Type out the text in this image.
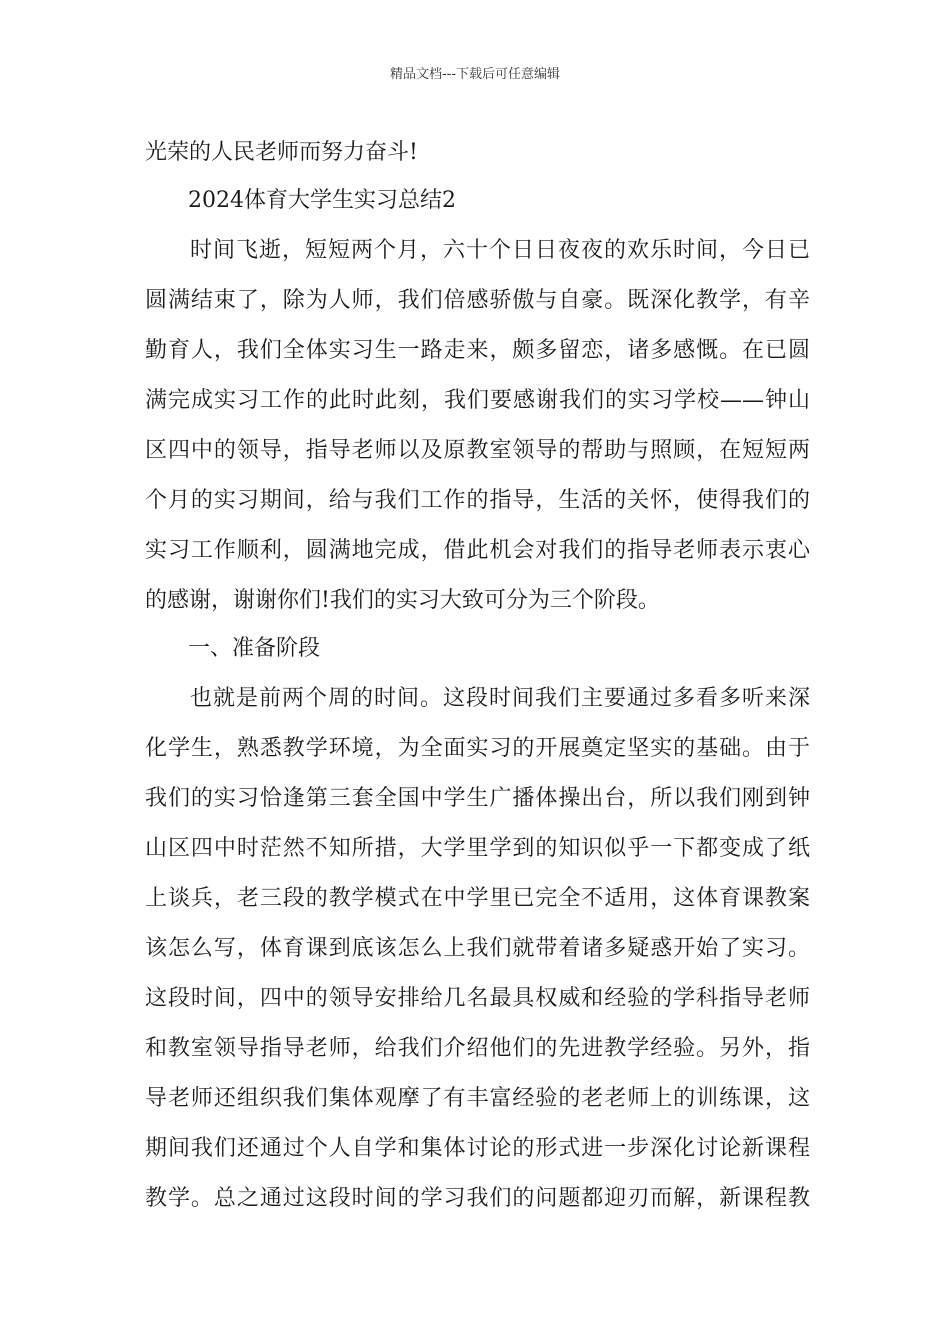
精品文档---下载后可任意编辑
光荣的人民老师而努力奋斗!
2024体育大学生实习总结2
时间飞逝，短短两个月，六十个日日夜夜的欢乐时间，今日已
圆满结束了，除为人师，我们倍感骄傲与自豪。既深化教学，有辛
勤育人，我们全体实习生一路走来，颇多留恋，诸多感慨。在已圆
满完成实习工作的此时此刻，我们要感谢我们的实习学校——钟山
区四中的领导，指导老师以及原教室领导的帮助与照顾，在短短两
个月的实习期间，给与我们工作的指导，生活的关怀，使得我们的
实习工作顺利，圆满地完成，借此机会对我们的指导老师表示衷心
的感谢，谢谢你们!我们的实习大致可分为三个阶段。
一、准备阶段
也就是前两个周的时间。这段时间我们主要通过多看多听来深
化学生，熟悉教学环境，为全面实习的开展奠定坚实的基础。由于
我们的实习恰逢第三套全国中学生广播体操出台，所以我们刚到钟
山区四中时茫然不知所措，大学里学到的知识似乎一下都变成了纸
上谈兵，老三段的教学模式在中学里已完全不适用，这体育课教案
该怎么写，体育课到底该怎么上我们就带着诸多疑惑开始了实习。
这段时间，四中的领导安排给几名最具权威和经验的学科指导老师
和教室领导指导老师，给我们介绍他们的先进教学经验。另外，指
导老师还组织我们集体观摩了有丰富经验的老老师上的训练课，这
期间我们还通过个人自学和集体讨论的形式进一步深化讨论新课程
教学。总之通过这段时间的学习我们的问题都迎刃而解，新课程教
